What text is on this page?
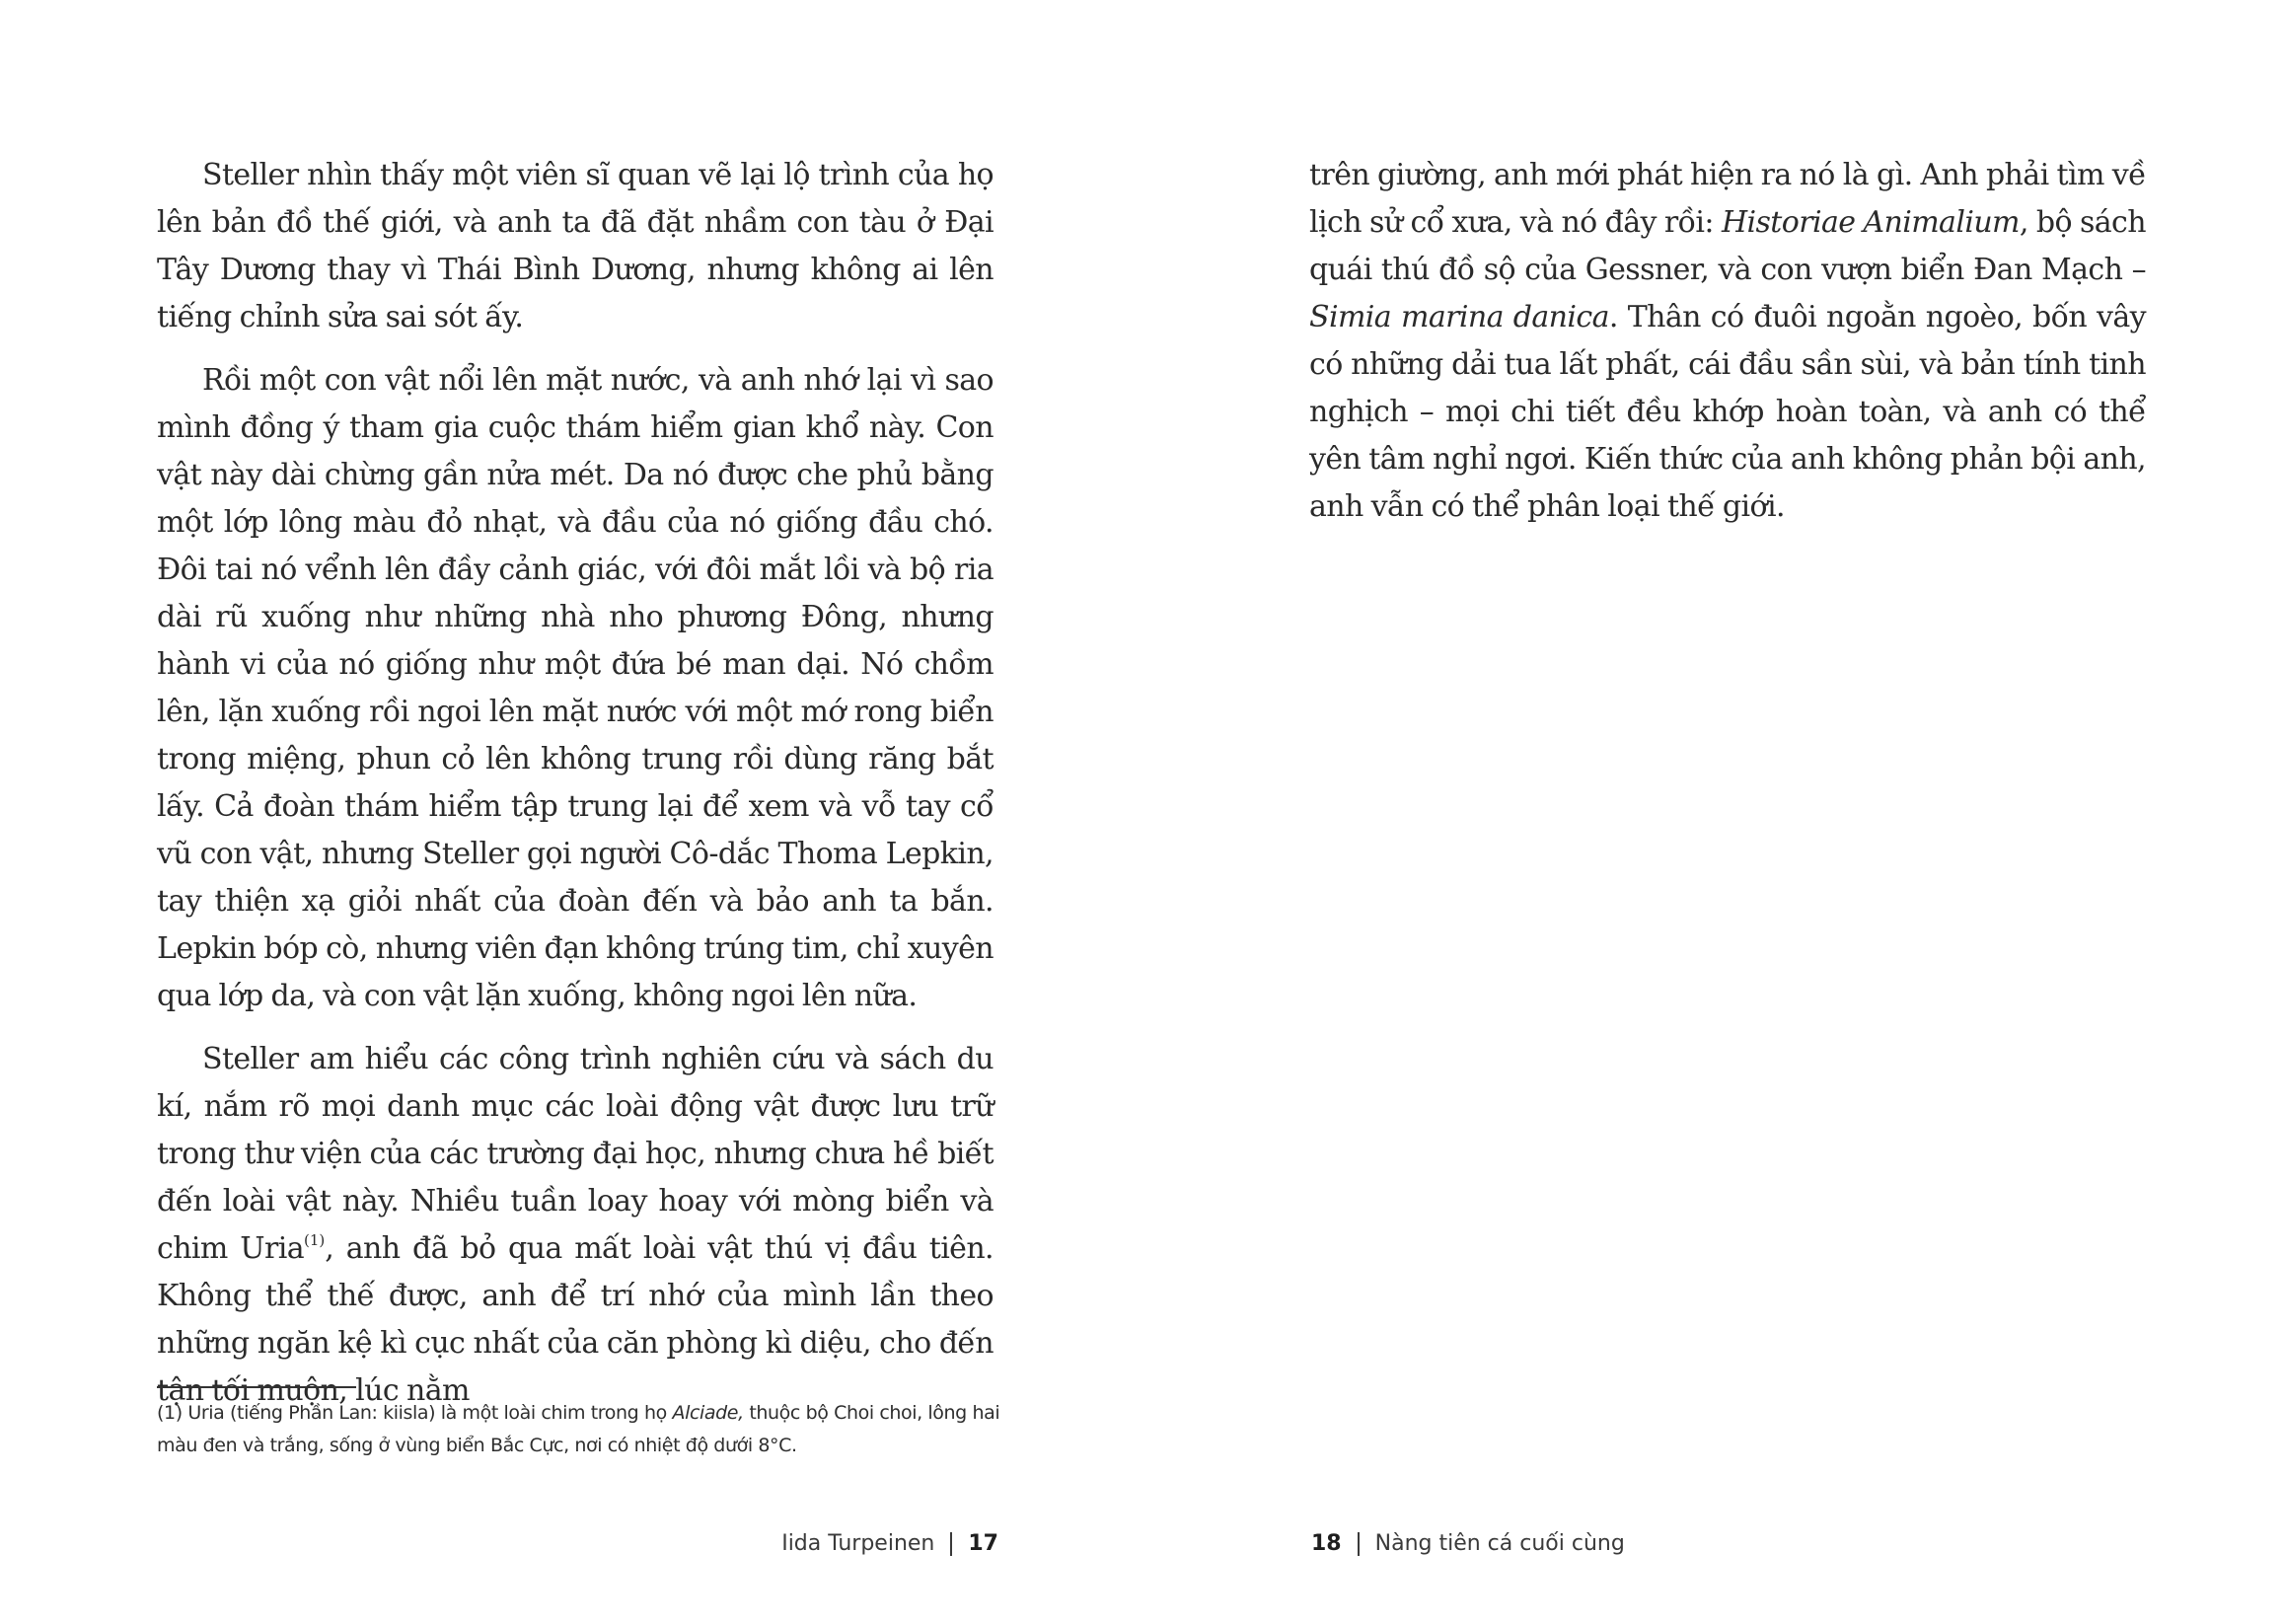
Steller nhìn thấy một viên sĩ quan vẽ lại lộ trình của họ lên bản đồ thế giới, và anh ta đã đặt nhầm con tàu ở Đại Tây Dương thay vì Thái Bình Dương, nhưng không ai lên tiếng chỉnh sửa sai sót ấy.

Rồi một con vật nổi lên mặt nước, và anh nhớ lại vì sao mình đồng ý tham gia cuộc thám hiểm gian khổ này. Con vật này dài chừng gần nửa mét. Da nó được che phủ bằng một lớp lông màu đỏ nhạt, và đầu của nó giống đầu chó. Đôi tai nó vểnh lên đầy cảnh giác, với đôi mắt lồi và bộ ria dài rũ xuống như những nhà nho phương Đông, nhưng hành vi của nó giống như một đứa bé man dại. Nó chồm lên, lặn xuống rồi ngoi lên mặt nước với một mớ rong biển trong miệng, phun cỏ lên không trung rồi dùng răng bắt lấy. Cả đoàn thám hiểm tập trung lại để xem và vỗ tay cổ vũ con vật, nhưng Steller gọi người Cô-dắc Thoma Lepkin, tay thiện xạ giỏi nhất của đoàn đến và bảo anh ta bắn. Lepkin bóp cò, nhưng viên đạn không trúng tim, chỉ xuyên qua lớp da, và con vật lặn xuống, không ngoi lên nữa.

Steller am hiểu các công trình nghiên cứu và sách du kí, nắm rõ mọi danh mục các loài động vật được lưu trữ trong thư viện của các trường đại học, nhưng chưa hề biết đến loài vật này. Nhiều tuần loay hoay với mòng biển và chim Uria$^{(1)}$, anh đã bỏ qua mất loài vật thú vị đầu tiên. Không thể thế được, anh để trí nhớ của mình lần theo những ngăn kệ kì cục nhất của căn phòng kì diệu, cho đến tận tối muộn, lúc nằm

(1) Uria (tiếng Phần Lan: kiisla) là một loài chim trong họ Alciade, thuộc bộ Choi choi, lông hai màu đen và trắng, sống ở vùng biển Bắc Cực, nơi có nhiệt độ dưới 8°C.
Iida Turpeinen 17

trên giường, anh mới phát hiện ra nó là gì. Anh phải tìm về lịch sử cổ xưa, và nó đây rồi: Historiae Animalium, bộ sách quái thú đồ sộ của Gessner, và con vượn biển Đan Mạch – Simia marina danica. Thân có đuôi ngoằn ngoèo, bốn vây có những dải tua lất phất, cái đầu sần sùi, và bản tính tinh nghịch – mọi chi tiết đều khớp hoàn toàn, và anh có thể yên tâm nghỉ ngơi. Kiến thức của anh không phản bội anh, anh vẫn có thể phân loại thế giới.

18 Nàng tiên cá cuối cùng
